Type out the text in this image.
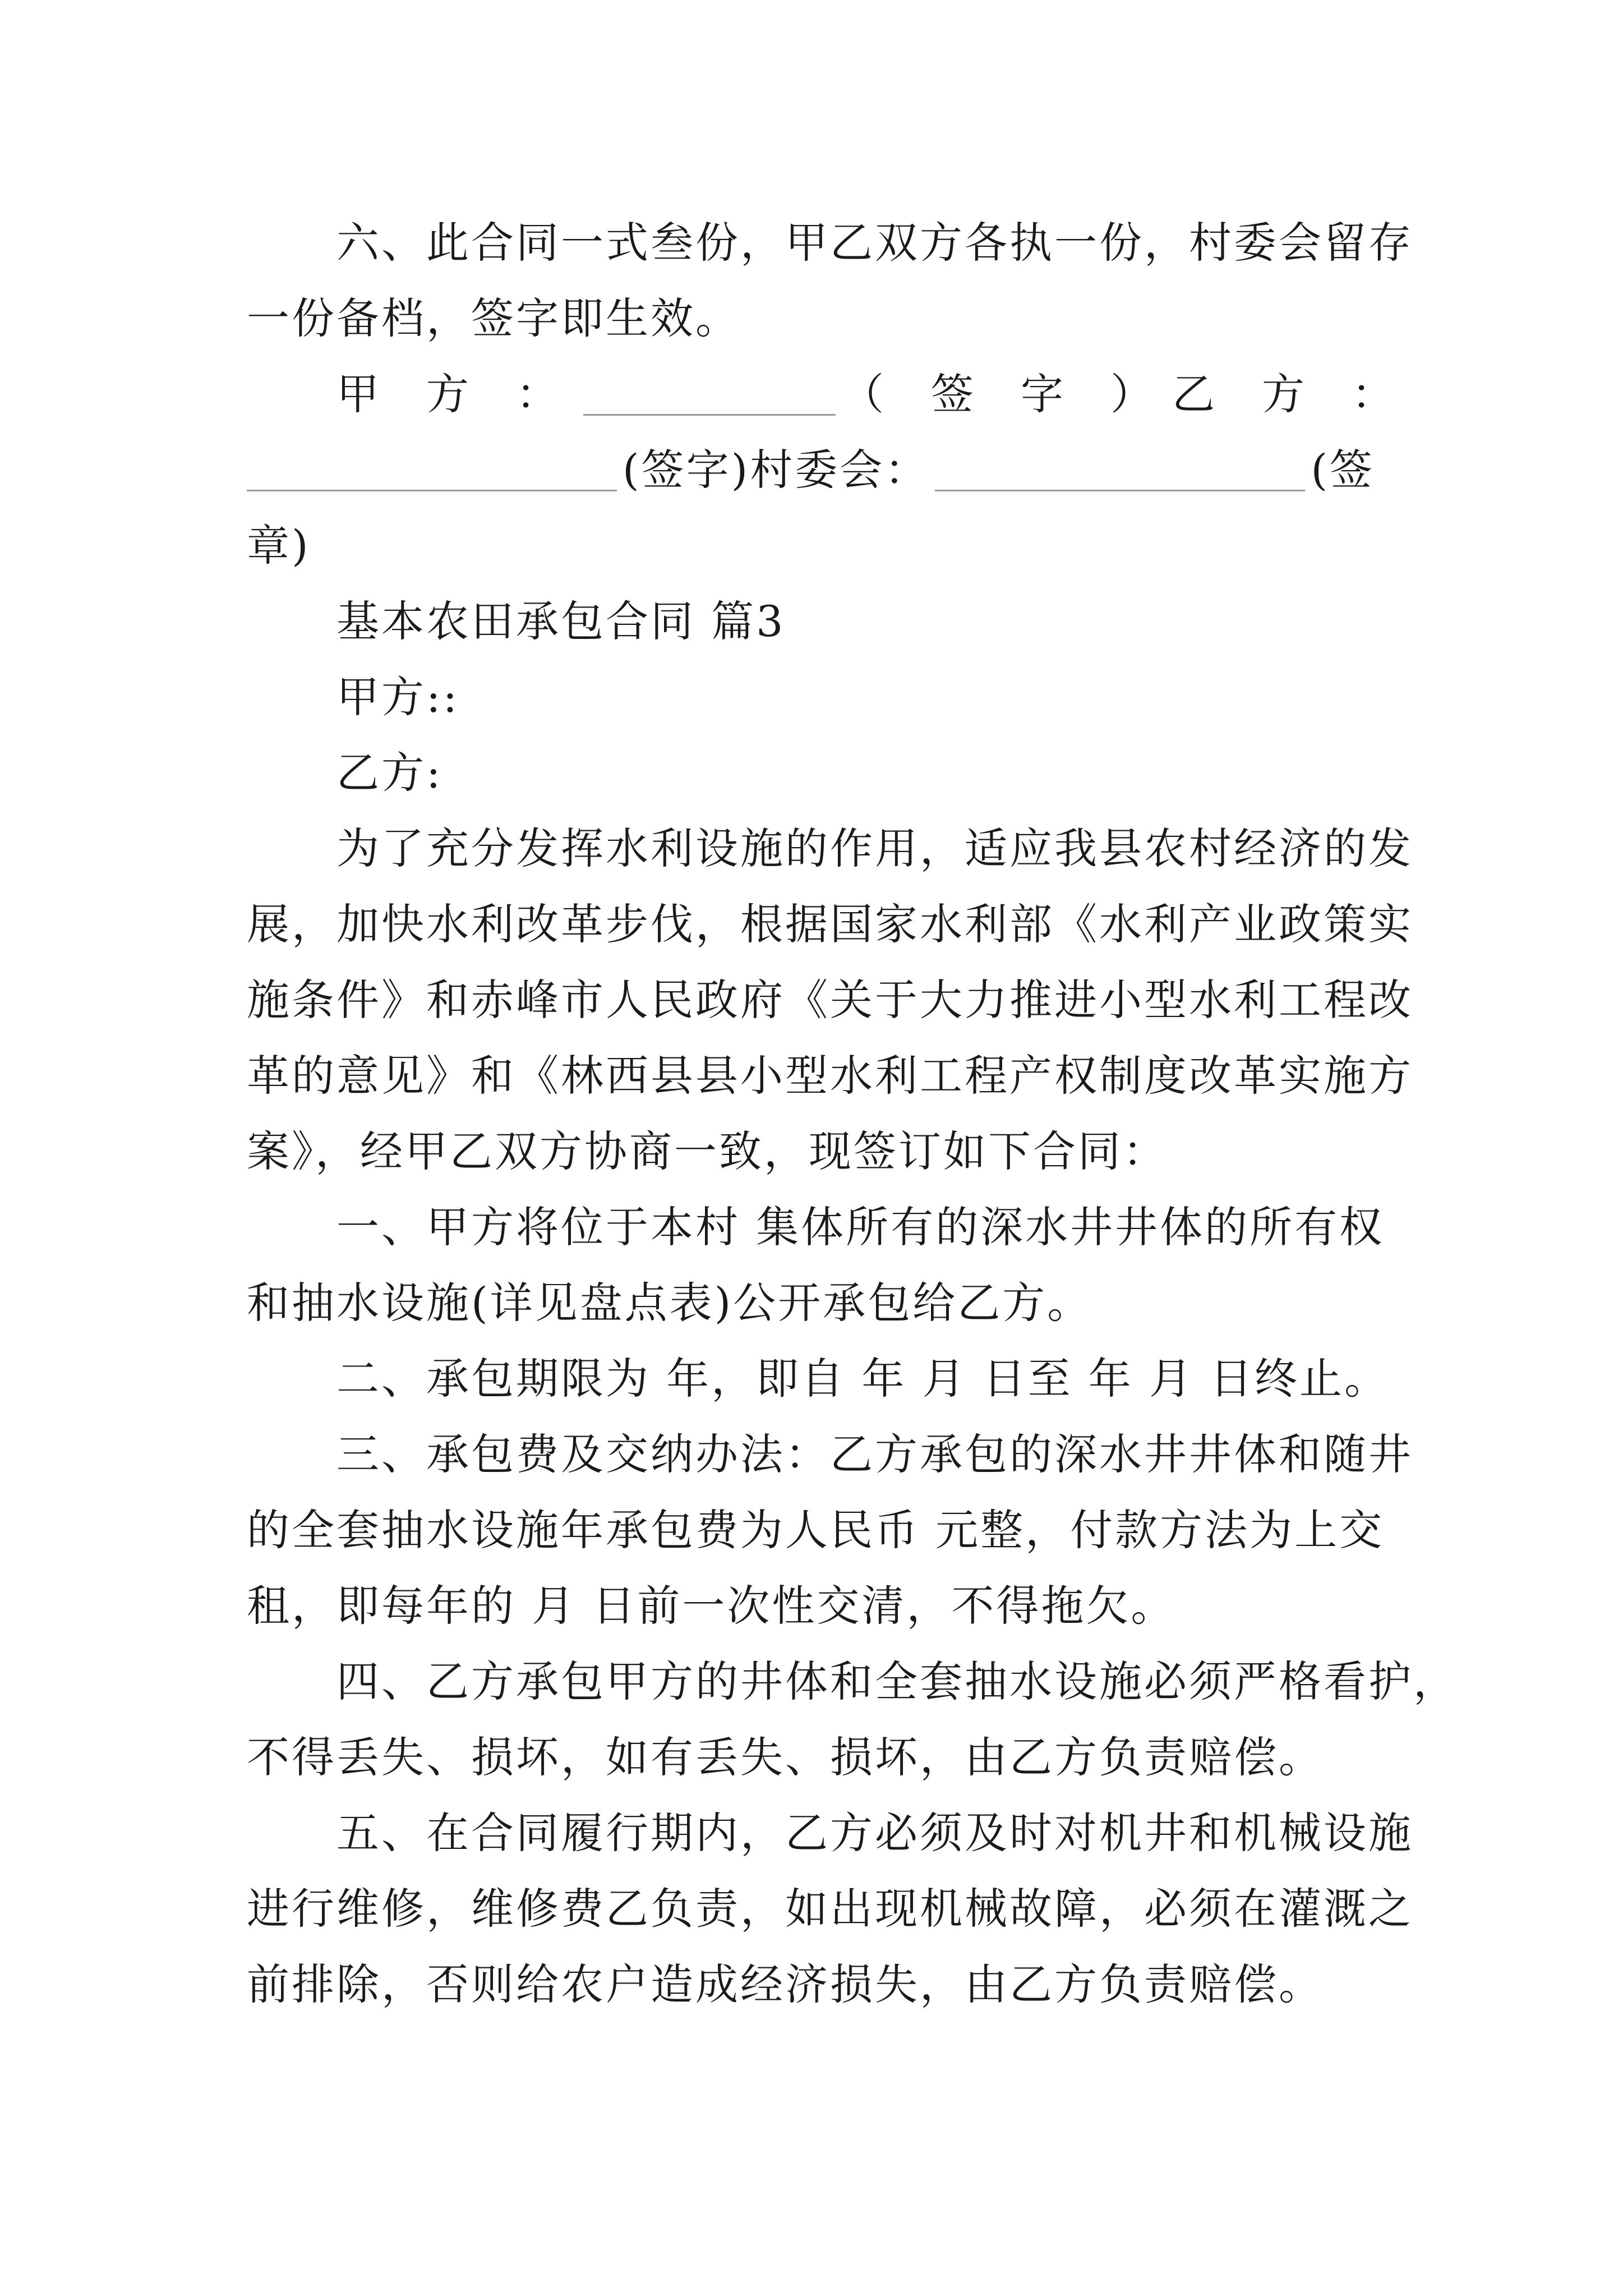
六、此合同一式叁份，甲乙双方各执一份，村委会留存
一份备档，签字即生效。
甲　方　：	（　签　字　） 乙　方　：
(签字)村委会：	(签
章)
基本农田承包合同 篇3
甲方::
乙方:
为了充分发挥水利设施的作用，适应我县农村经济的发
展，加快水利改革步伐，根据国家水利部《水利产业政策实
施条件》和赤峰市人民政府《关于大力推进小型水利工程改
革的意见》和《林西县县小型水利工程产权制度改革实施方
案》，经甲乙双方协商一致，现签订如下合同：
一、甲方将位于本村 集体所有的深水井井体的所有权
和抽水设施(详见盘点表)公开承包给乙方。
二、承包期限为 年，即自 年 月 日至 年 月 日终止。
三、承包费及交纳办法：乙方承包的深水井井体和随井
的全套抽水设施年承包费为人民币 元整，付款方法为上交
租，即每年的 月 日前一次性交清，不得拖欠。
四、乙方承包甲方的井体和全套抽水设施必须严格看护，
不得丢失、损坏，如有丢失、损坏，由乙方负责赔偿。
五、在合同履行期内，乙方必须及时对机井和机械设施
进行维修，维修费乙负责，如出现机械故障，必须在灌溉之
前排除，否则给农户造成经济损失，由乙方负责赔偿。
